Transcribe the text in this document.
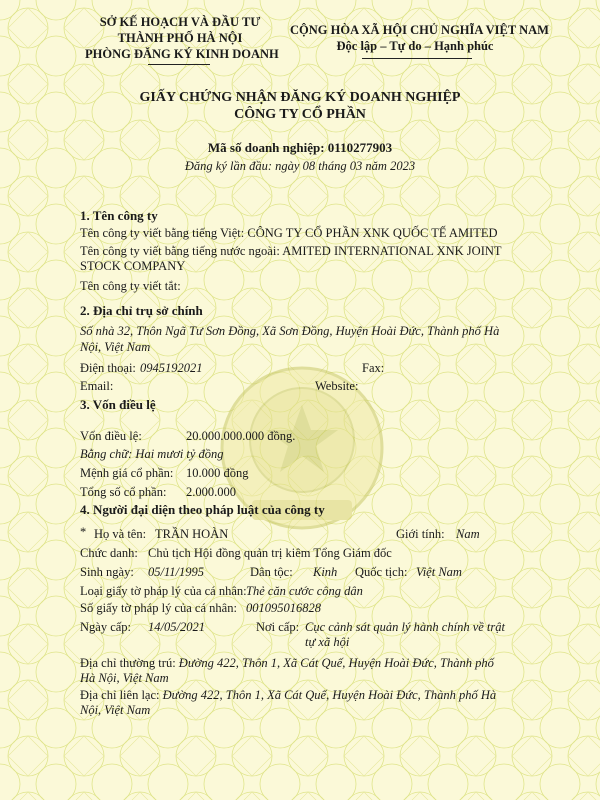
SỞ KẾ HOẠCH VÀ ĐẦU TƯ
THÀNH PHỐ HÀ NỘI
PHÒNG ĐĂNG KÝ KINH DOANH
CỘNG HÒA XÃ HỘI CHỦ NGHĨA VIỆT NAM
Độc lập – Tự do – Hạnh phúc
GIẤY CHỨNG NHẬN ĐĂNG KÝ DOANH NGHIỆP
CÔNG TY CỔ PHẦN
Mã số doanh nghiệp: 0110277903
Đăng ký lần đầu: ngày 08 tháng 03 năm 2023
1. Tên công ty
Tên công ty viết bằng tiếng Việt: CÔNG TY CỔ PHẦN XNK QUỐC TẾ AMITED
Tên công ty viết bằng tiếng nước ngoài: AMITED INTERNATIONAL XNK JOINT
STOCK COMPANY
Tên công ty viết tắt:
2. Địa chỉ trụ sở chính
Số nhà 32, Thôn Ngã Tư Sơn Đồng, Xã Sơn Đồng, Huyện Hoài Đức, Thành phố Hà
Nội, Việt Nam
Điện thoại: 0945192021	Fax:
Email:	Website:
3. Vốn điều lệ
Vốn điều lệ:	20.000.000.000 đồng.
Bằng chữ: Hai mươi tỷ đồng
Mệnh giá cổ phần: 10.000 đồng
Tổng số cổ phần: 2.000.000
4. Người đại diện theo pháp luật của công ty
* Họ và tên: TRẦN HOÀN	Giới tính: Nam
Chức danh: Chủ tịch Hội đồng quản trị kiêm Tổng Giám đốc
Sinh ngày: 05/11/1995	Dân tộc: Kinh Quốc tịch: Việt Nam
Loại giấy tờ pháp lý của cá nhân: Thẻ căn cước công dân
Số giấy tờ pháp lý của cá nhân: 001095016828
Ngày cấp: 14/05/2021	Nơi cấp: Cục cảnh sát quản lý hành chính về trật
tự xã hội
Địa chỉ thường trú: Đường 422, Thôn 1, Xã Cát Quế, Huyện Hoài Đức, Thành phố
Hà Nội, Việt Nam
Địa chỉ liên lạc: Đường 422, Thôn 1, Xã Cát Quế, Huyện Hoài Đức, Thành phố Hà
Nội, Việt Nam
